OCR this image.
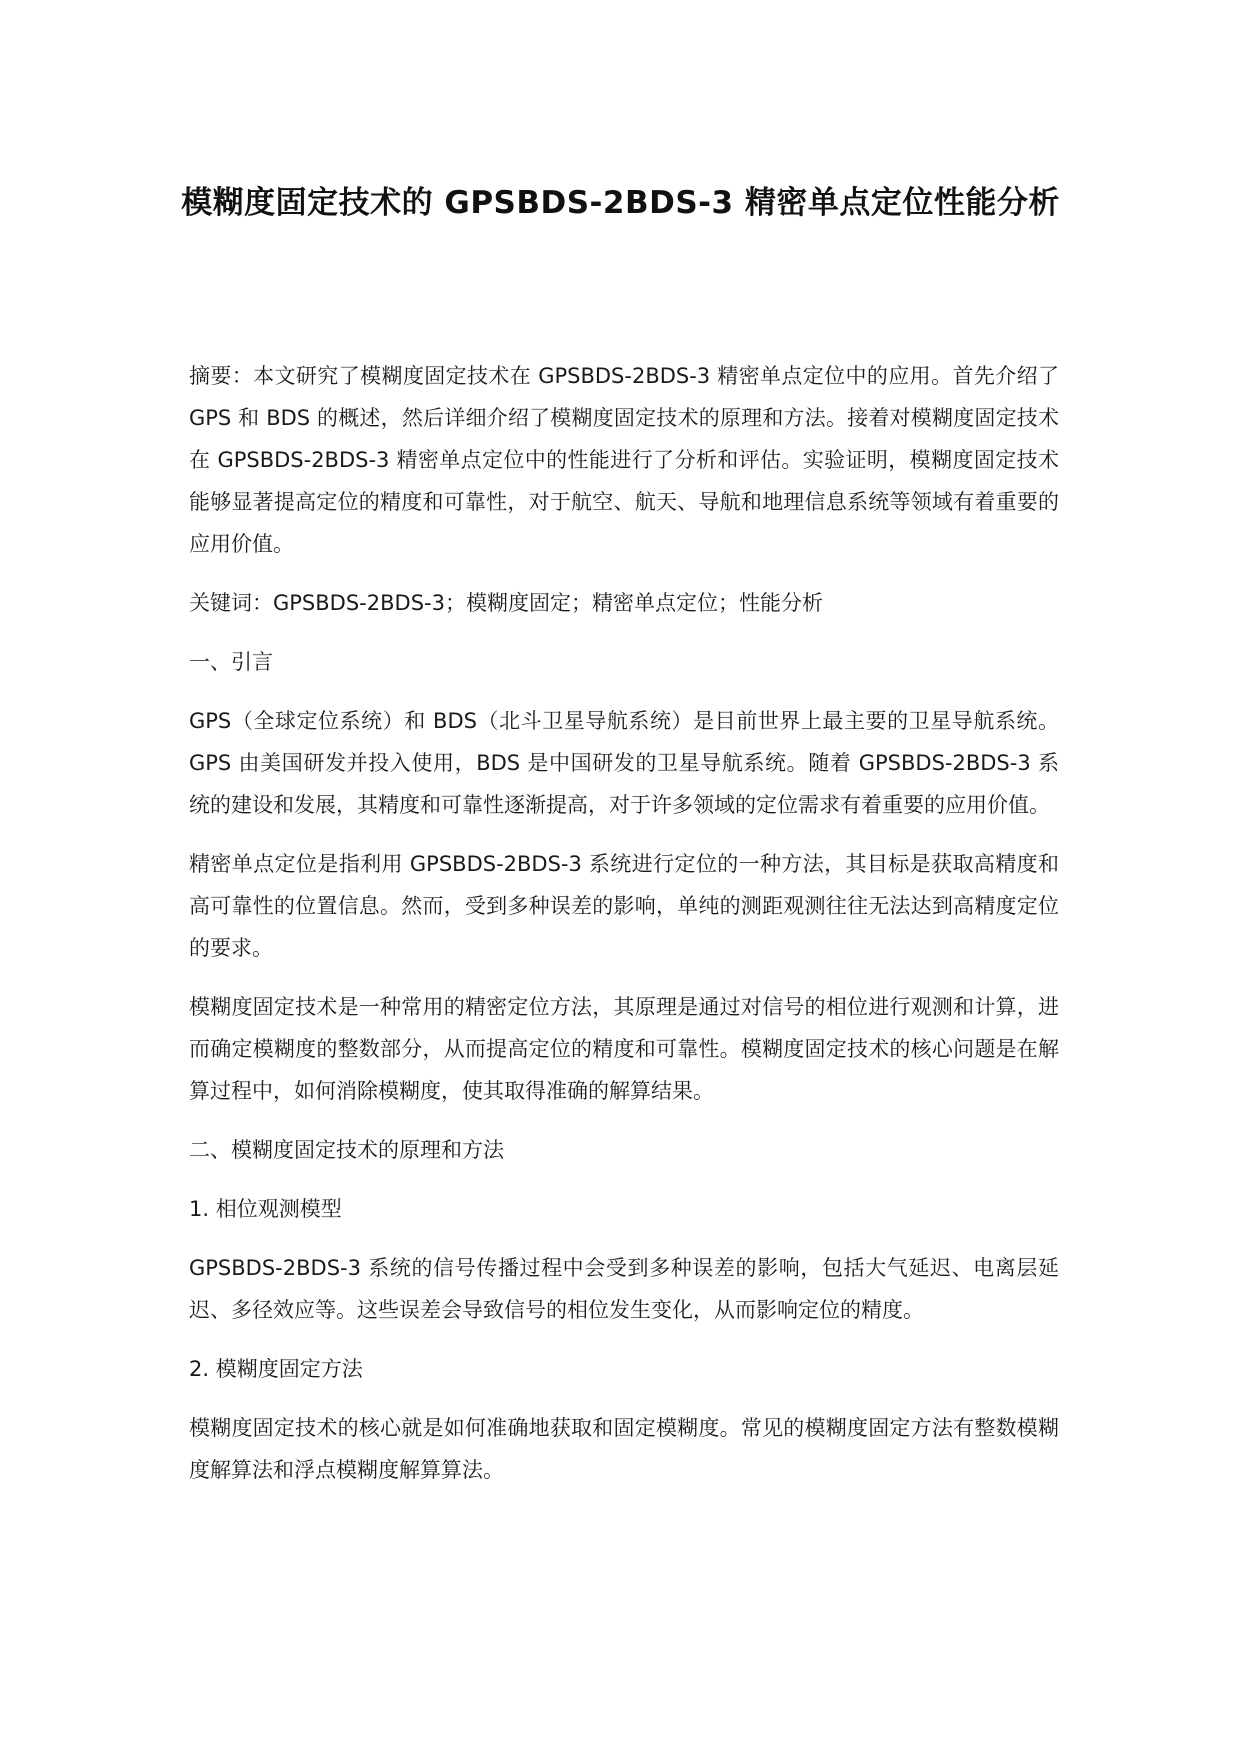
模糊度固定技术的 GPSBDS-2BDS-3 精密单点定位性能分析

摘要：本文研究了模糊度固定技术在 GPSBDS-2BDS-3 精密单点定位中的应用。首先介绍了 GPS 和 BDS 的概述，然后详细介绍了模糊度固定技术的原理和方法。接着对模糊度固定技术在 GPSBDS-2BDS-3 精密单点定位中的性能进行了分析和评估。实验证明，模糊度固定技术能够显著提高定位的精度和可靠性，对于航空、航天、导航和地理信息系统等领域有着重要的应用价值。

关键词：GPSBDS-2BDS-3；模糊度固定；精密单点定位；性能分析

一、引言

GPS（全球定位系统）和 BDS（北斗卫星导航系统）是目前世界上最主要的卫星导航系统。GPS 由美国研发并投入使用，BDS 是中国研发的卫星导航系统。随着 GPSBDS-2BDS-3 系统的建设和发展，其精度和可靠性逐渐提高，对于许多领域的定位需求有着重要的应用价值。

精密单点定位是指利用 GPSBDS-2BDS-3 系统进行定位的一种方法，其目标是获取高精度和高可靠性的位置信息。然而，受到多种误差的影响，单纯的测距观测往往无法达到高精度定位的要求。

模糊度固定技术是一种常用的精密定位方法，其原理是通过对信号的相位进行观测和计算，进而确定模糊度的整数部分，从而提高定位的精度和可靠性。模糊度固定技术的核心问题是在解算过程中，如何消除模糊度，使其取得准确的解算结果。

二、模糊度固定技术的原理和方法

1. 相位观测模型

GPSBDS-2BDS-3 系统的信号传播过程中会受到多种误差的影响，包括大气延迟、电离层延迟、多径效应等。这些误差会导致信号的相位发生变化，从而影响定位的精度。

2. 模糊度固定方法

模糊度固定技术的核心就是如何准确地获取和固定模糊度。常见的模糊度固定方法有整数模糊度解算法和浮点模糊度解算算法。
